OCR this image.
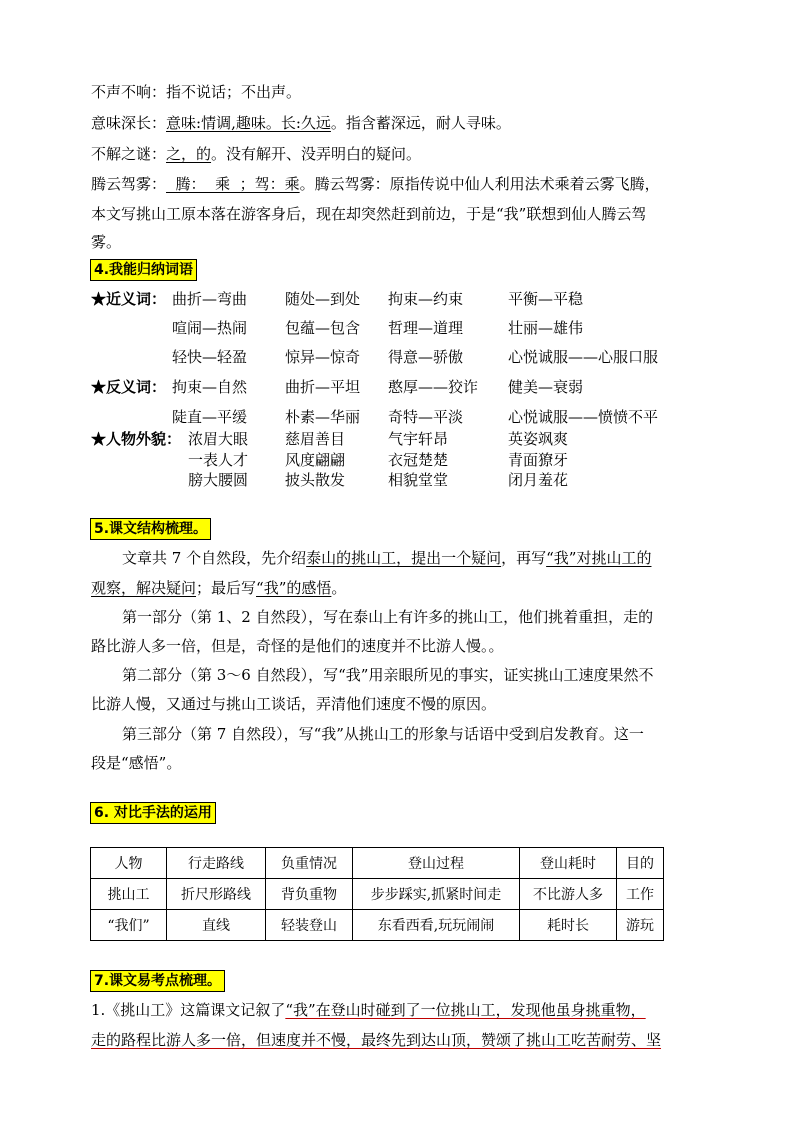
不声不响：指不说话；不出声。
意味深长：意味:情调,趣味。长:久远。指含蓄深远，耐人寻味。
不解之谜：之，的。没有解开、没弄明白的疑问。
腾云驾雾：  腾：  乘  ；驾：乘。腾云驾雾：原指传说中仙人利用法术乘着云雾飞腾，
本文写挑山工原本落在游客身后，现在却突然赶到前边，于是“我”联想到仙人腾云驾
雾。
4.我能归纳词语
★近义词： 曲折—弯曲	随处—到处 拘束—约束	平衡—平稳
喧闹—热闹	包蕴—包含 哲理—道理	壮丽—雄伟
轻快—轻盈	惊异—惊奇 得意—骄傲	心悦诚服——心服口服
★反义词： 拘束—自然	曲折—平坦 憨厚——狡诈 健美—衰弱
陡直—平缓	朴素—华丽 奇特—平淡	心悦诚服——愤愤不平
★人物外貌： 浓眉大眼 慈眉善目	气宇轩昂	英姿飒爽
一表人才 风度翩翩	衣冠楚楚	青面獠牙
膀大腰圆 披头散发	相貌堂堂	闭月羞花
5.课文结构梳理。
文章共 7 个自然段，先介绍泰山的挑山工，提出一个疑问，再写“我”对挑山工的
观察，解决疑问；最后写“我”的感悟。
第一部分（第 1、2 自然段），写在泰山上有许多的挑山工，他们挑着重担，走的
路比游人多一倍，但是，奇怪的是他们的速度并不比游人慢。。
第二部分（第 3～6 自然段），写“我”用亲眼所见的事实，证实挑山工速度果然不
比游人慢，又通过与挑山工谈话，弄清他们速度不慢的原因。
第三部分（第 7 自然段），写“我”从挑山工的形象与话语中受到启发教育。这一
段是“感悟”。
6. 对比手法的运用
人物	行走路线	负重情况	登山过程	登山耗时	目的
挑山工	折尺形路线	背负重物	步步踩实,抓紧时间走	不比游人多	工作
“我们”	直线	轻装登山	东看西看,玩玩闹闹	耗时长	游玩
7.课文易考点梳理。
1.《挑山工》这篇课文记叙了“我”在登山时碰到了一位挑山工，发现他虽身挑重物，
走的路程比游人多一倍，但速度并不慢，最终先到达山顶，赞颂了挑山工吃苦耐劳、坚
